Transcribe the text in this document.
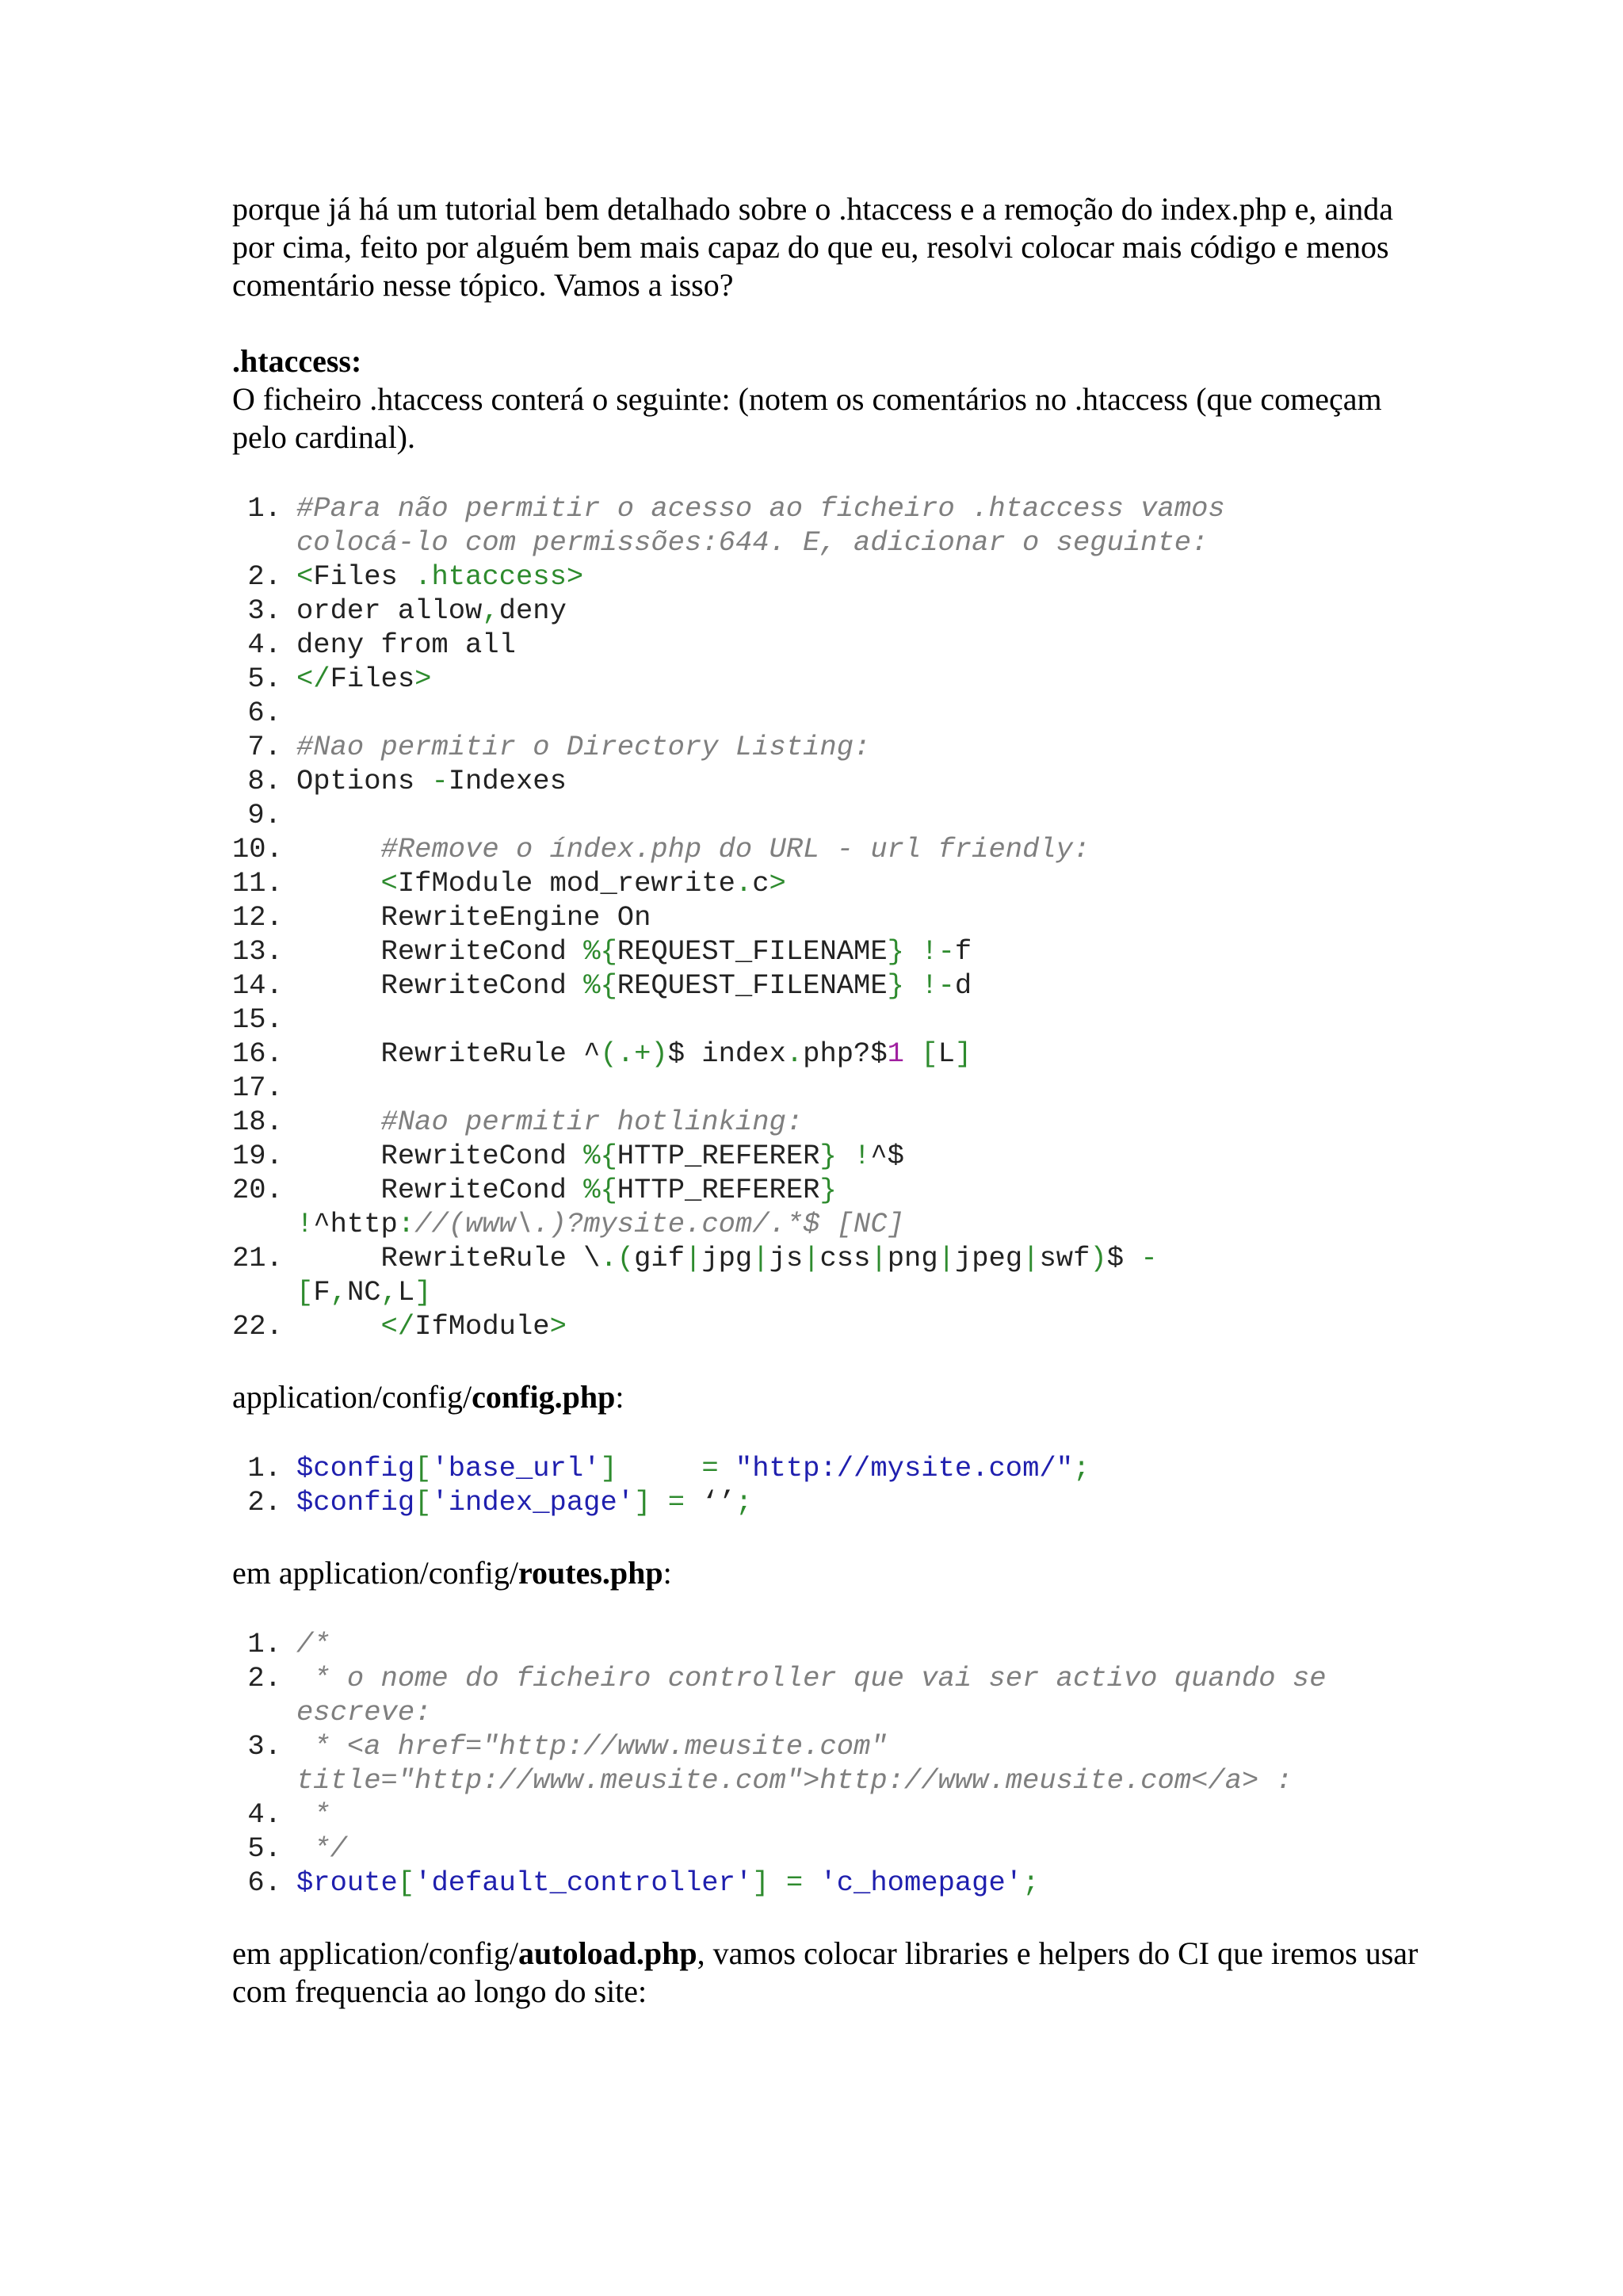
porque já há um tutorial bem detalhado sobre o .htaccess e a remoção do index.php e, ainda por cima, feito por alguém bem mais capaz do que eu, resolvi colocar mais código e menos comentário nesse tópico. Vamos a isso?

.htaccess:

O ficheiro .htaccess conterá o seguinte: (notem os comentários no .htaccess (que começam pelo cardinal).

1. #Para não permitir o acesso ao ficheiro .htaccess vamos colocá-lo com permissões:644. E, adicionar o seguinte:
2. <Files .htaccess>
3. order allow,deny
4. deny from all
5. </Files>
6.
7. #Nao permitir o Directory Listing:
8. Options -Indexes
9.
10.	#Remove o índex.php do URL - url friendly:
11.	<IfModule mod_rewrite.c>
12.	RewriteEngine On
13.	RewriteCond %{REQUEST_FILENAME} !-f
14.	RewriteCond %{REQUEST_FILENAME} !-d
15.
16.	RewriteRule ^(.+)$ index.php?$1 [L]
17.
18.	#Nao permitir hotlinking:
19.	RewriteCond %{HTTP_REFERER} !^$
20.	RewriteCond %{HTTP_REFERER}
!^http://(www\.)?mysite.com/.*$ [NC]
21.	RewriteRule \.(gif|jpg|js|css|png|jpeg|swf)$ -
[F,NC,L]
22.	</IfModule>

application/config/config.php:

1. $config['base_url']     = "http://mysite.com/";
2. $config['index_page'] = ‘’;

em application/config/routes.php:

1. /*
2. * o nome do ficheiro controller que vai ser activo quando se escreve:
3. * <a href="http://www.meusite.com" title="http://www.meusite.com">http://www.meusite.com</a> :
4. *
5. */
6. $route['default_controller'] = 'c_homepage';

em application/config/autoload.php, vamos colocar libraries e helpers do CI que iremos usar com frequencia ao longo do site:
